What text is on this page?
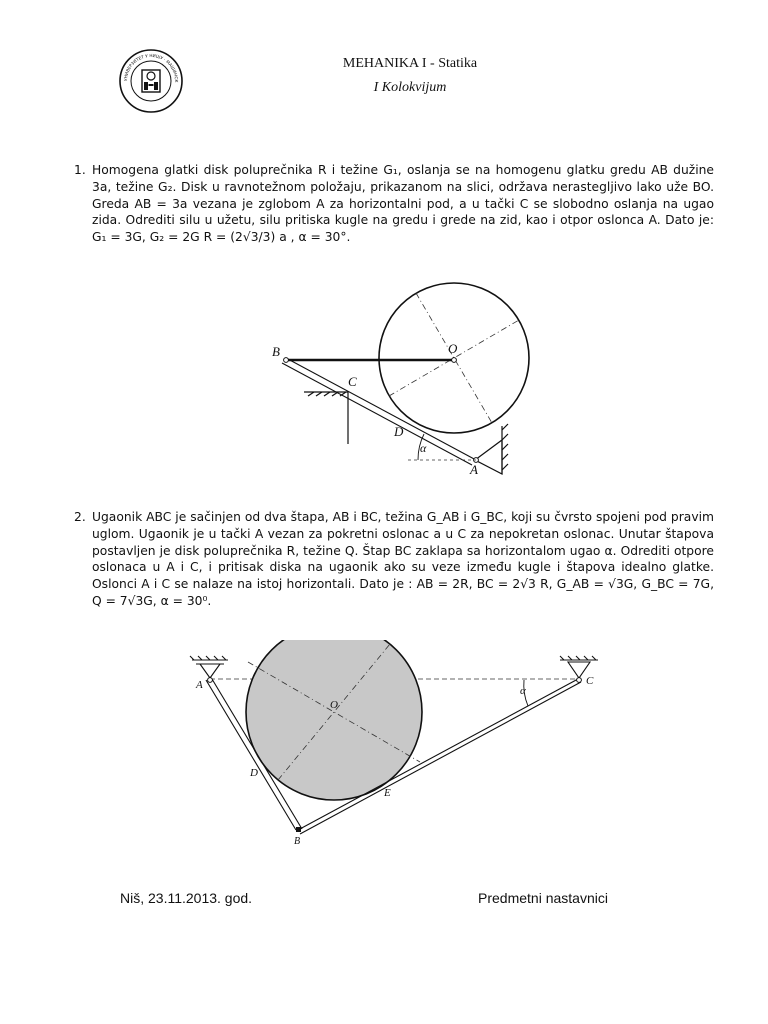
УНИВЕРЗИТЕТ У НИШУ · МАШИНСК
MEHANIKA I - Statika
I Kolokvijum
1. Homogena glatki disk poluprečnika R i težine G₁, oslanja se na homogenu glatku gredu AB dužine 3a, težine G₂. Disk u ravnotežnom položaju, prikazanom na slici, održava nerastegljivo lako uže BO. Greda AB = 3a vezana je zglobom A za horizontalni pod, a u tački C se slobodno oslanja na ugao zida. Odrediti silu u užetu, silu pritiska kugle na gredu i grede na zid, kao i otpor oslonca A. Dato je: G₁ = 3G, G₂ = 2G R = (2√3/3) a , α = 30°.
B	O
C
D
A
α
2. Ugaonik ABC je sačinjen od dva štapa, AB i BC, težina G_AB i G_BC, koji su čvrsto spojeni pod pravim uglom. Ugaonik je u tački A vezan za pokretni oslonac a u C za nepokretan oslonac. Unutar štapova postavljen je disk poluprečnika R, težine Q. Štap BC zaklapa sa horizontalom ugao α. Odrediti otpore oslonaca u A i C, i pritisak diska na ugaonik ako su veze između kugle i štapova idealno glatke. Oslonci A i C se nalaze na istoj horizontali. Dato je : AB = 2R, BC = 2√3 R, G_AB = √3G, G_BC = 7G, Q = 7√3G, α = 30⁰.
A	C
O
D
E
B
α
Niš, 23.11.2013. god.	Predmetni nastavnici
